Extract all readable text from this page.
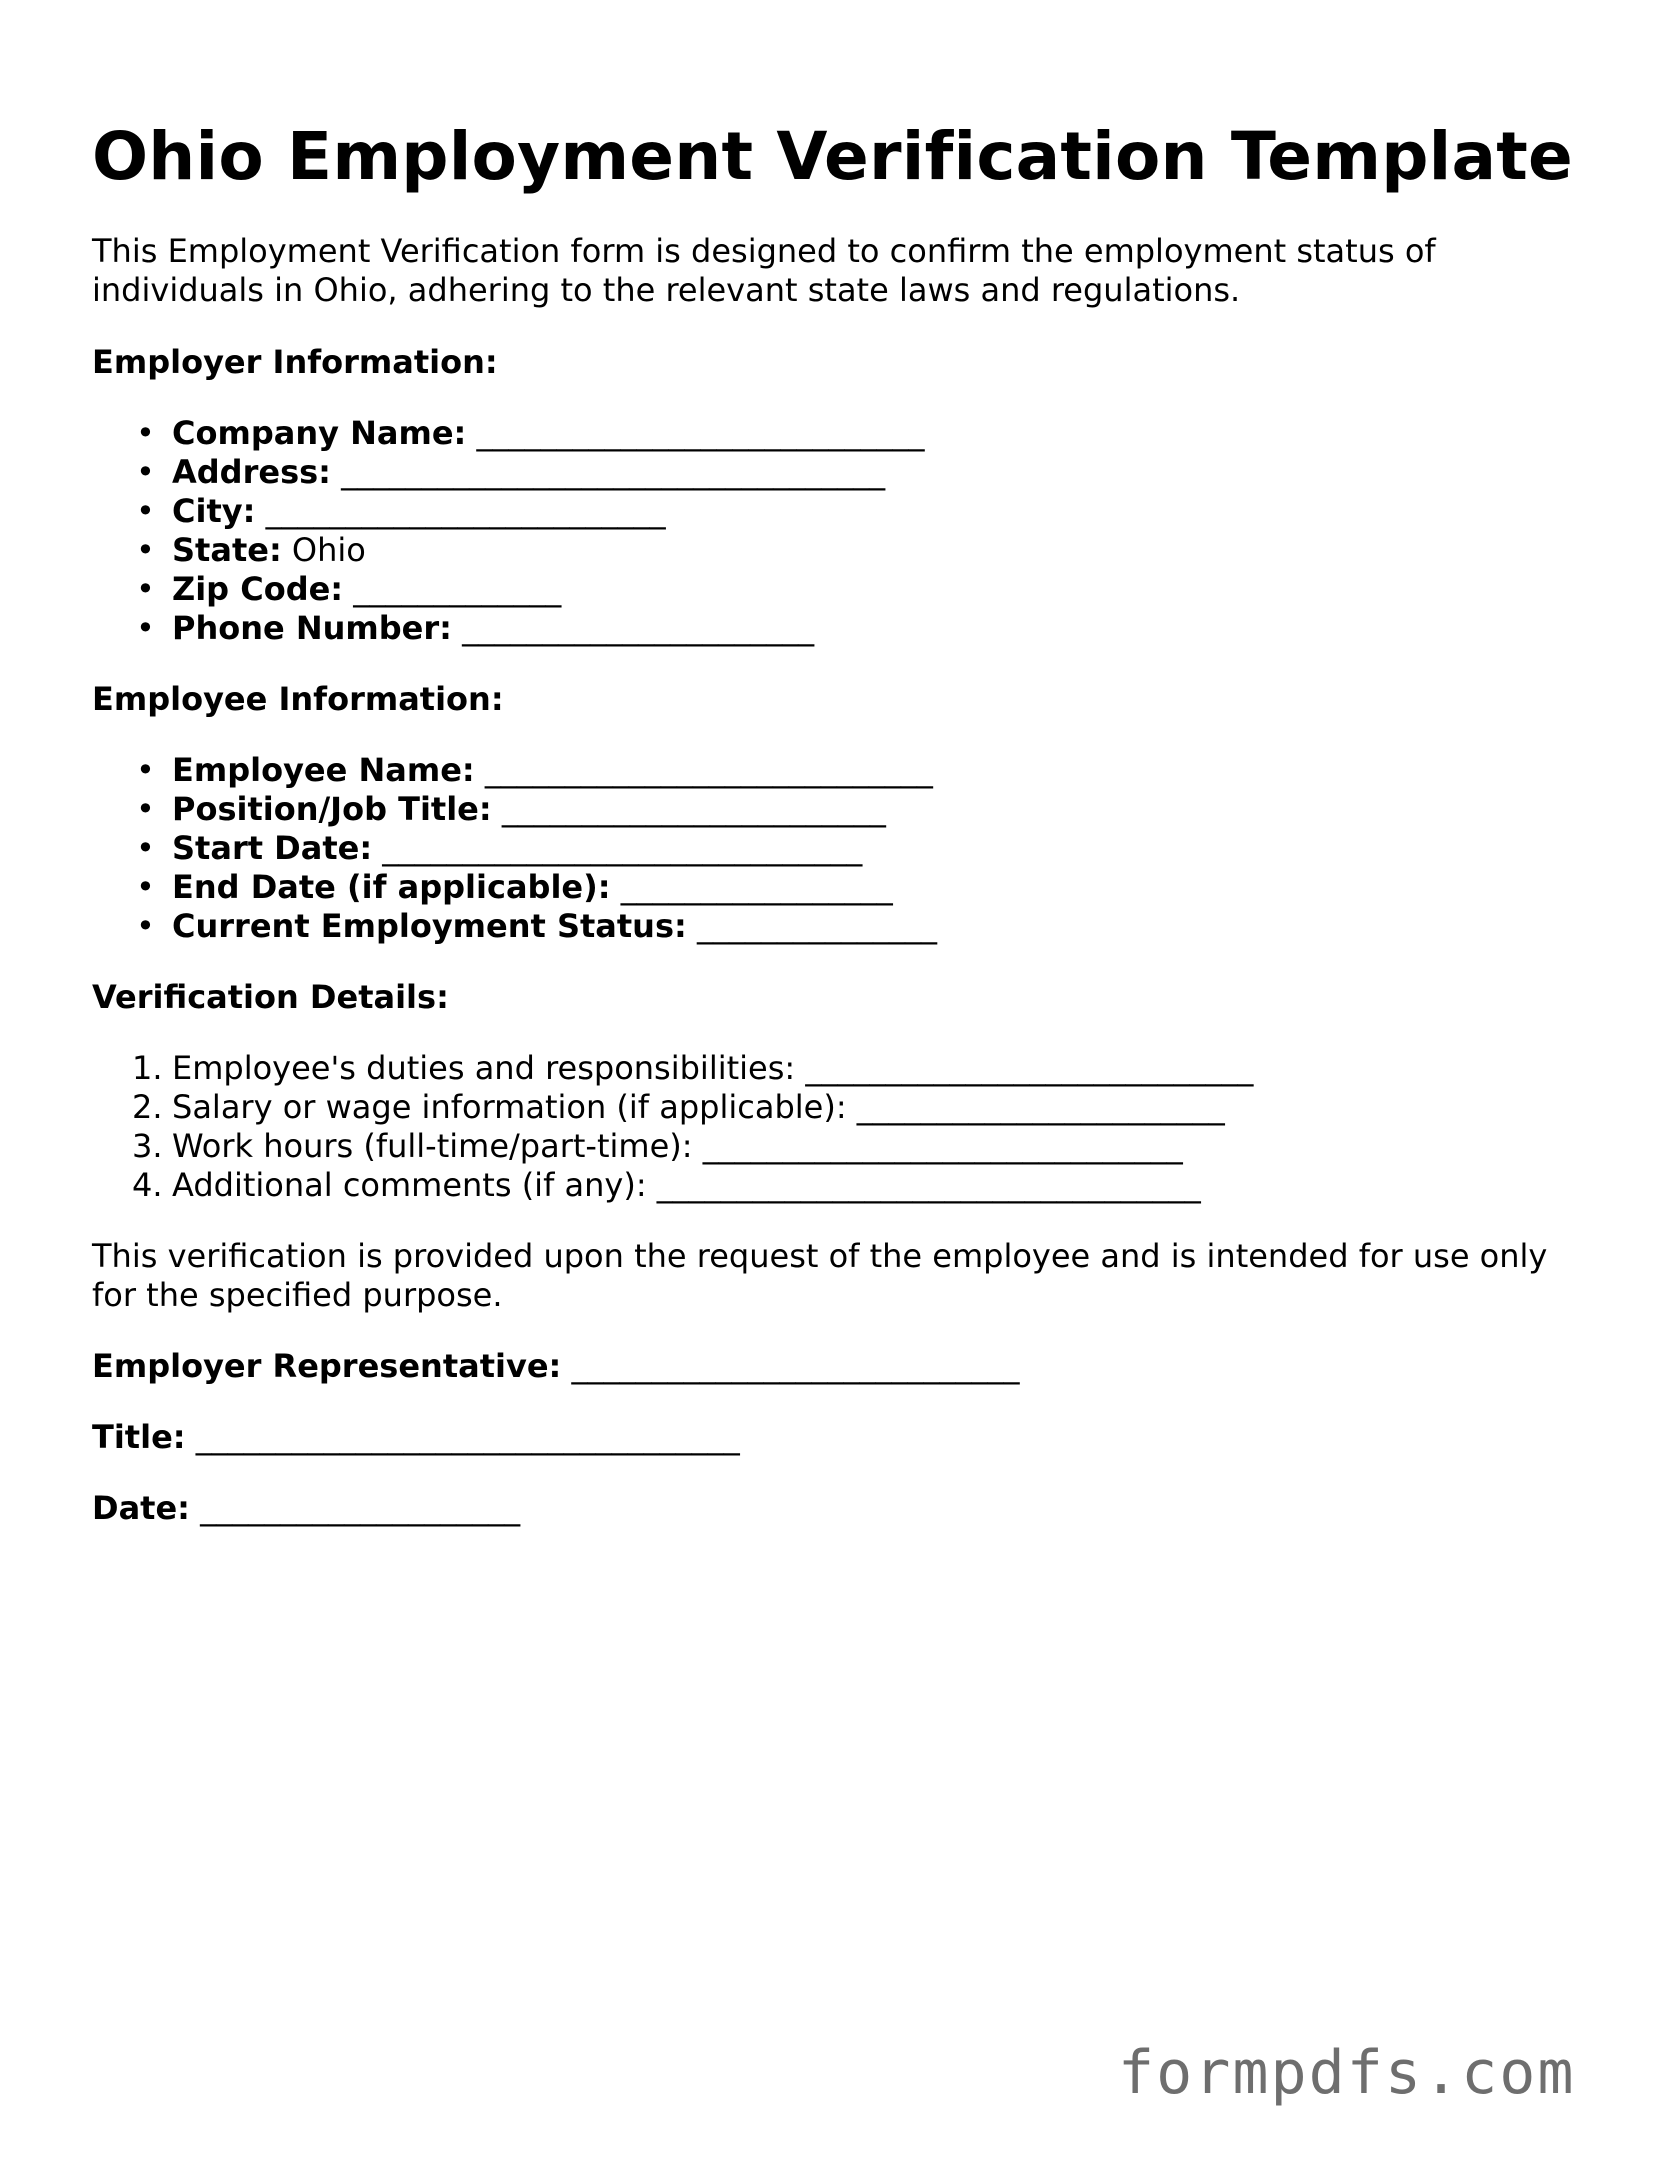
Ohio Employment Verification Template

This Employment Verification form is designed to confirm the employment status of individuals in Ohio, adhering to the relevant state laws and regulations.

Employer Information:

• Company Name: ____________________________
• Address: __________________________________
• City: _________________________
• State: Ohio
• Zip Code: _____________
• Phone Number: ______________________

Employee Information:

• Employee Name: ____________________________
• Position/Job Title: ________________________
• Start Date: ______________________________
• End Date (if applicable): _________________
• Current Employment Status: _______________

Verification Details:

1. Employee's duties and responsibilities: ____________________________
2. Salary or wage information (if applicable): _______________________
3. Work hours (full-time/part-time): ______________________________
4. Additional comments (if any): __________________________________

This verification is provided upon the request of the employee and is intended for use only for the specified purpose.

Employer Representative: ____________________________

Title: __________________________________

Date: ____________________

formpdfs.com
